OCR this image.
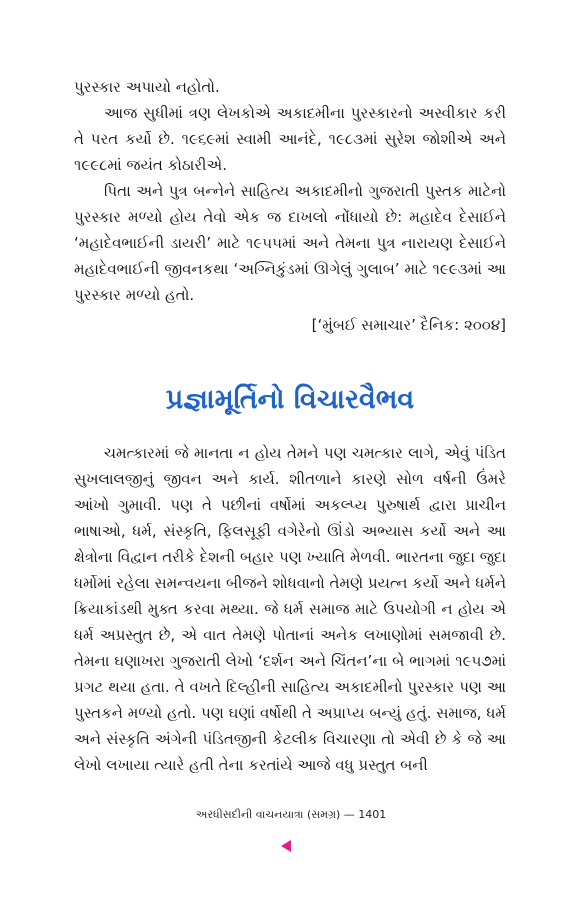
પુરસ્કાર અપાયો નહોતો.

આજ સુધીમાં ત્રણ લેખકોએ અકાદમીના પુરસ્કારનો અસ્વીકાર કરી તે પરત કર્યો છે. ૧૯૬૯માં સ્વામી આનંદે, ૧૯૮૩માં સુરેશ જોશીએ અને ૧૯૯૮માં જયંત કોઠારીએ.

પિતા અને પુત્ર બન્નેને સાહિત્ય અકાદમીનો ગુજરાતી પુસ્તક માટેનો પુરસ્કાર મળ્યો હોય તેવો એક જ દાખલો નોંધાયો છે: મહાદેવ દેસાઈને ‘મહાદેવભાઈની ડાયરી’ માટે ૧૯૫૫માં અને તેમના પુત્ર નારાયણ દેસાઈને મહાદેવભાઈની જીવનકથા ‘અગ્નિકુંડમાં ઊગેલું ગુલાબ’ માટે ૧૯૯૩માં આ પુરસ્કાર મળ્યો હતો.

[‘મુંબઈ સમાચાર’ દૈનિક: ૨૦૦૪]

પ્રજ્ઞામૂર્તિનો વિચારવૈભવ

ચમત્કારમાં જે માનતા ન હોય તેમને પણ ચમત્કાર લાગે, એવું પંડિત સુખલાલજીનું જીવન અને કાર્ય. શીતળાને કારણે સોળ વર્ષની ઉંમરે આંખો ગુમાવી. પણ તે પછીનાં વર્ષોમાં અકલ્પ્ય પુરુષાર્થ દ્વારા પ્રાચીન ભાષાઓ, ધર્મ, સંસ્કૃતિ, ફિલસૂફી વગેરેનો ઊંડો અભ્યાસ કર્યો અને આ ક્ષેત્રોના વિદ્વાન તરીકે દેશની બહાર પણ ખ્યાતિ મેળવી. ભારતના જુદા જુદા ધર્મોમાં રહેલા સમન્વયના બીજને શોધવાનો તેમણે પ્રયત્ન કર્યો અને ધર્મને ક્રિયાકાંડથી મુક્ત કરવા મથ્યા. જે ધર્મ સમાજ માટે ઉપયોગી ન હોય એ ધર્મ અપ્રસ્તુત છે, એ વાત તેમણે પોતાનાં અનેક લખાણોમાં સમજાવી છે. તેમના ઘણાખરા ગુજરાતી લેખો ‘દર્શન અને ચિંતન’ના બે ભાગમાં ૧૯૫૭માં પ્રગટ થયા હતા. તે વખતે દિલ્હીની સાહિત્ય અકાદમીનો પુરસ્કાર પણ આ પુસ્તકને મળ્યો હતો. પણ ઘણાં વર્ષોથી તે અપ્રાપ્ય બન્યું હતું. સમાજ, ધર્મ અને સંસ્કૃતિ અંગેની પંડિતજીની કેટલીક વિચારણા તો એવી છે કે જે આ લેખો લખાયા ત્યારે હતી તેના કરતાંયે આજે વધુ પ્રસ્તુત બની

અરધીસદીની વાચનયાત્રા (સમગ્ર) — 1401
